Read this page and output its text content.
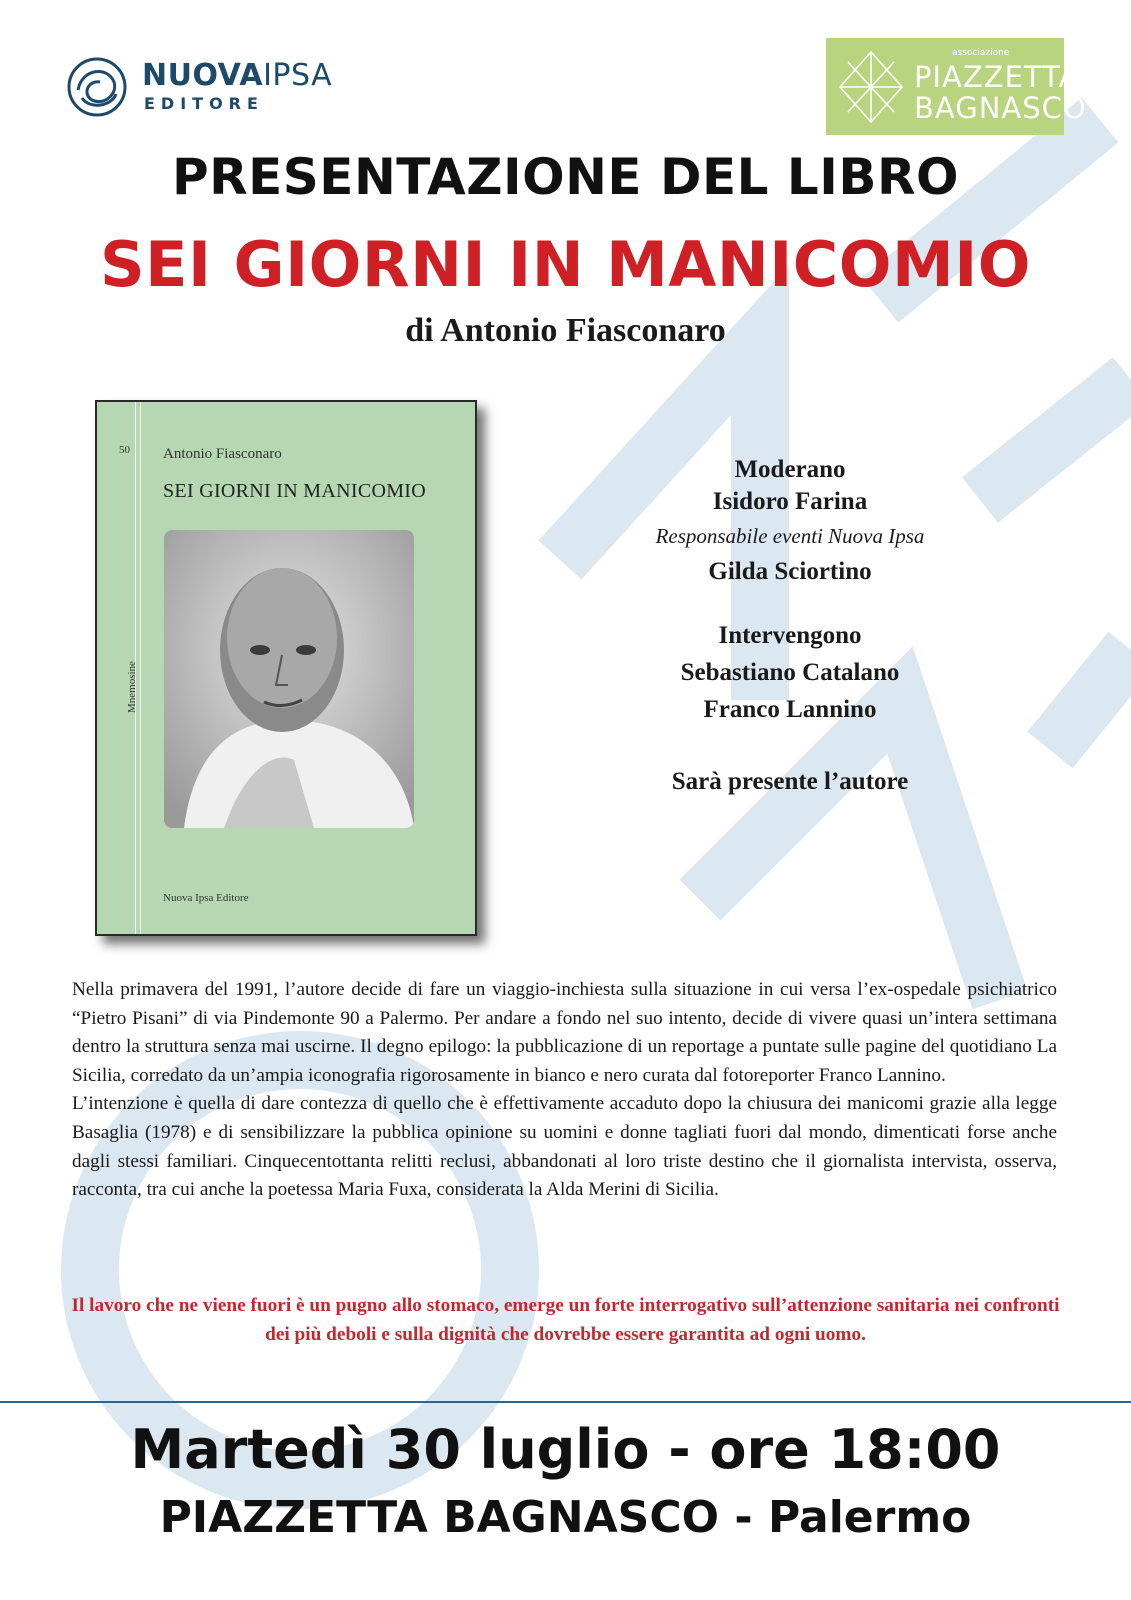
NUOVAIPSA
EDITORE
associazione
PIAZZETTA
BAGNASCO
PRESENTAZIONE DEL LIBRO
SEI GIORNI IN MANICOMIO
di Antonio Fiasconaro
50
Mnemosine
Antonio Fiasconaro
SEI GIORNI IN MANICOMIO
Nuova Ipsa Editore
Moderano
Isidoro Farina
Responsabile eventi Nuova Ipsa
Gilda Sciortino
Intervengono
Sebastiano Catalano
Franco Lannino
Sarà presente l’autore

Nella primavera del 1991, l’autore decide di fare un viaggio-inchiesta sulla situazione in cui versa l’ex-ospedale psichiatrico “Pietro Pisani” di via Pindemonte 90 a Palermo. Per andare a fondo nel suo intento, decide di vivere quasi un’intera settimana dentro la struttura senza mai uscirne. Il degno epilogo: la pubblicazione di un reportage a puntate sulle pagine del quotidiano La Sicilia, corredato da un’ampia iconografia rigorosamente in bianco e nero curata dal fotoreporter Franco Lannino.

L’intenzione è quella di dare contezza di quello che è effettivamente accaduto dopo la chiusura dei manicomi grazie alla legge Basaglia (1978) e di sensibilizzare la pubblica opinione su uomini e donne tagliati fuori dal mondo, dimenticati forse anche dagli stessi familiari. Cinquecentottanta relitti reclusi, abbandonati al loro triste destino che il giornalista intervista, osserva, racconta, tra cui anche la poetessa Maria Fuxa, considerata la Alda Merini di Sicilia.

Il lavoro che ne viene fuori è un pugno allo stomaco, emerge un forte interrogativo sull’attenzione sanitaria nei confronti dei più deboli e sulla dignità che dovrebbe essere garantita ad ogni uomo.
Martedì 30 luglio - ore 18:00
PIAZZETTA BAGNASCO - Palermo
